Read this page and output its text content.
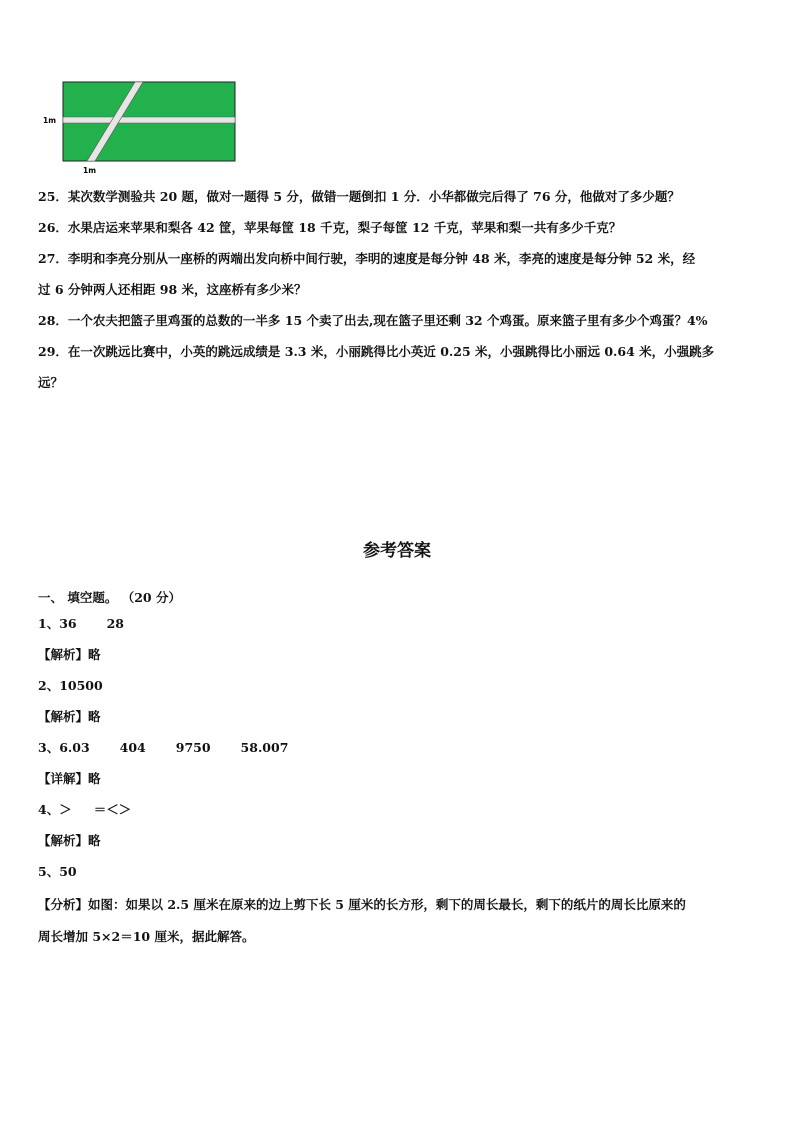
1m
1m
25．某次数学测验共 20 题，做对一题得 5 分，做错一题倒扣 1 分．小华都做完后得了 76 分，他做对了多少题？
26．水果店运来苹果和梨各 42 筐，苹果每筐 18 千克，梨子每筐 12 千克，苹果和梨一共有多少千克？
27．李明和李亮分别从一座桥的两端出发向桥中间行驶，李明的速度是每分钟 48 米，李亮的速度是每分钟 52 米，经
过 6 分钟两人还相距 98 米，这座桥有多少米？
28．一个农夫把篮子里鸡蛋的总数的一半多 15 个卖了出去,现在篮子里还剩 32 个鸡蛋。原来篮子里有多少个鸡蛋？4%
29．在一次跳远比赛中，小英的跳远成绩是 3.3 米，小丽跳得比小英近 0.25 米，小强跳得比小丽远 0.64 米，小强跳多
远？
参考答案
一、 填空题。 （20 分）
1、36 28
【解析】略
2、10500
【解析】略
3、6.03 404 9750 58.007
【详解】略
4、＞ ＝＜＞
【解析】略
5、50
【分析】如图：如果以 2.5 厘米在原来的边上剪下长 5 厘米的长方形，剩下的周长最长，剩下的纸片的周长比原来的
周长增加 5×2＝10 厘米，据此解答。
